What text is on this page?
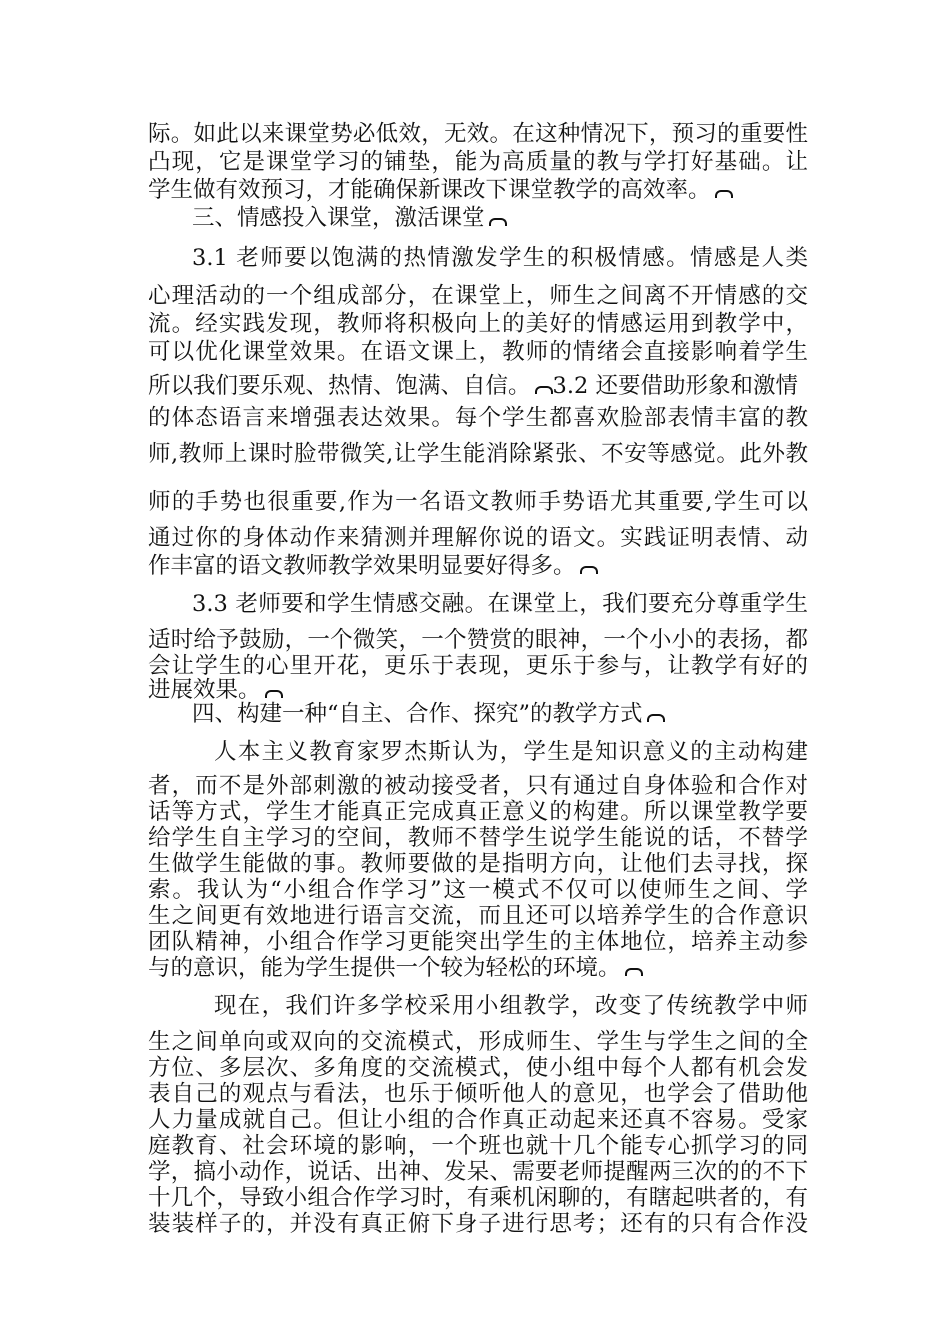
际。如此以来课堂势必低效，无效。在这种情况下，预习的重要性
凸现，它是课堂学习的铺垫，能为高质量的教与学打好基础。让
学生做有效预习，才能确保新课改下课堂教学的高效率。
三、情感投入课堂，激活课堂
3.1 老师要以饱满的热情激发学生的积极情感。情感是人类
心理活动的一个组成部分，在课堂上，师生之间离不开情感的交
流。经实践发现，教师将积极向上的美好的情感运用到教学中，
可以优化课堂效果。在语文课上，教师的情绪会直接影响着学生
所以我们要乐观、热情、饱满、自信。 3.2 还要借助形象和激情
的体态语言来增强表达效果。每个学生都喜欢脸部表情丰富的教
师,教师上课时脸带微笑,让学生能消除紧张、不安等感觉。此外教
师的手势也很重要,作为一名语文教师手势语尤其重要,学生可以
通过你的身体动作来猜测并理解你说的语文。实践证明表情、动
作丰富的语文教师教学效果明显要好得多。
3.3 老师要和学生情感交融。在课堂上，我们要充分尊重学生
适时给予鼓励，一个微笑，一个赞赏的眼神，一个小小的表扬，都
会让学生的心里开花，更乐于表现，更乐于参与，让教学有好的
进展效果。
四、构建一种“自主、合作、探究”的教学方式
人本主义教育家罗杰斯认为，学生是知识意义的主动构建
者，而不是外部刺激的被动接受者，只有通过自身体验和合作对
话等方式，学生才能真正完成真正意义的构建。所以课堂教学要
给学生自主学习的空间，教师不替学生说学生能说的话，不替学
生做学生能做的事。教师要做的是指明方向，让他们去寻找，探
索。我认为“小组合作学习”这一模式不仅可以使师生之间、学
生之间更有效地进行语言交流，而且还可以培养学生的合作意识
团队精神，小组合作学习更能突出学生的主体地位，培养主动参
与的意识，能为学生提供一个较为轻松的环境。
现在，我们许多学校采用小组教学，改变了传统教学中师
生之间单向或双向的交流模式，形成师生、学生与学生之间的全
方位、多层次、多角度的交流模式，使小组中每个人都有机会发
表自己的观点与看法，也乐于倾听他人的意见，也学会了借助他
人力量成就自己。但让小组的合作真正动起来还真不容易。受家
庭教育、社会环境的影响，一个班也就十几个能专心抓学习的同
学，搞小动作，说话、出神、发呆、需要老师提醒两三次的的不下
十几个，导致小组合作学习时，有乘机闲聊的，有瞎起哄者的，有
装装样子的，并没有真正俯下身子进行思考；还有的只有合作没
